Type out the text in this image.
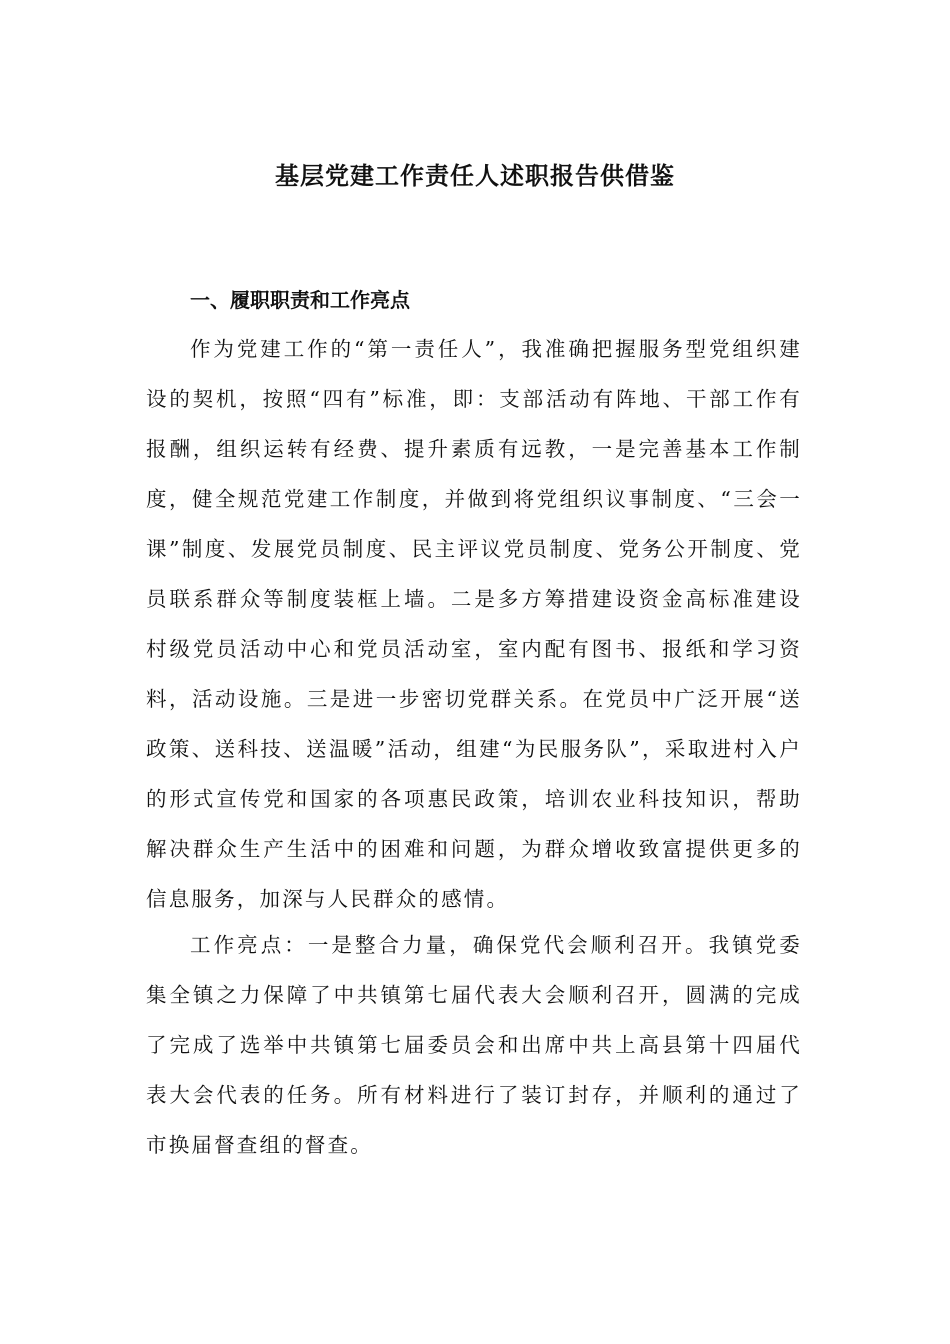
基层党建工作责任人述职报告供借鉴
一、履职职责和工作亮点

作为党建工作的“第一责任人”，我准确把握服务型党组织建设的契机，按照“四有”标准，即：支部活动有阵地、干部工作有报酬，组织运转有经费、提升素质有远教，一是完善基本工作制度，健全规范党建工作制度，并做到将党组织议事制度、“三会一课”制度、发展党员制度、民主评议党员制度、党务公开制度、党员联系群众等制度装框上墙。二是多方筹措建设资金高标准建设村级党员活动中心和党员活动室，室内配有图书、报纸和学习资料，活动设施。三是进一步密切党群关系。在党员中广泛开展“送政策、送科技、送温暖”活动，组建“为民服务队”，采取进村入户的形式宣传党和国家的各项惠民政策，培训农业科技知识，帮助解决群众生产生活中的困难和问题，为群众增收致富提供更多的信息服务，加深与人民群众的感情。

工作亮点：一是整合力量，确保党代会顺利召开。我镇党委集全镇之力保障了中共镇第七届代表大会顺利召开，圆满的完成了完成了选举中共镇第七届委员会和出席中共上高县第十四届代表大会代表的任务。所有材料进行了装订封存，并顺利的通过了市换届督查组的督查。
